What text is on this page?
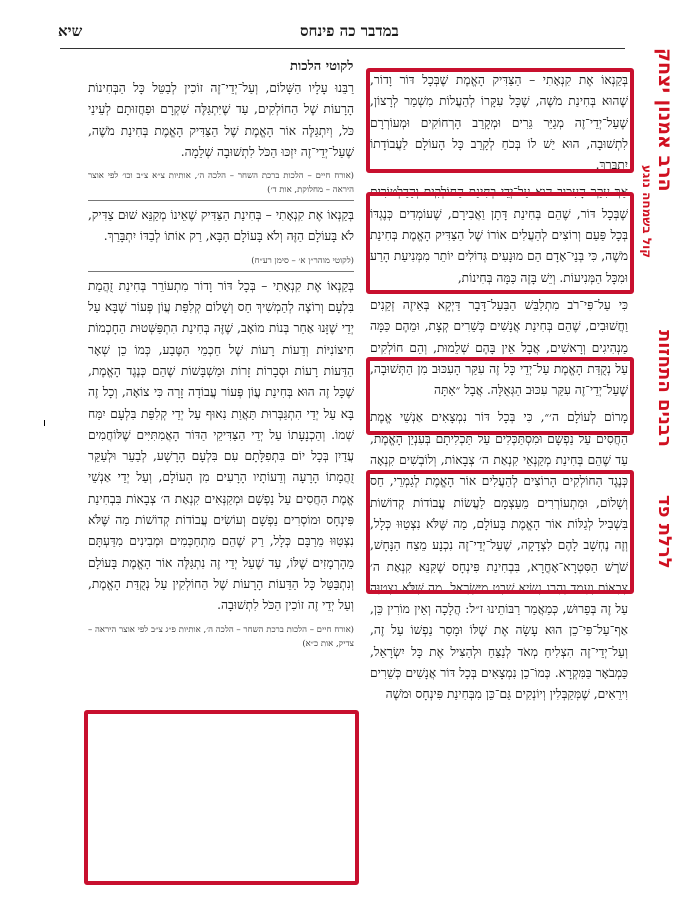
שיא	במדבר כה פינחס
לקוטי הלכות

בְּקַנְאוֹ אֶת קִנְאָתִי – הַצַּדִּיק הָאֱמֶת שֶׁבְּכָל דּוֹר וָדוֹר, שֶׁהוּא בְּחִינַת מֹשֶׁה, שֶׁכָּל עִקָּרוֹ לְהַעֲלוֹת מִשְׁמַר לְרָצוֹן, שֶׁעַל־יְדֵי־זֶה מְגַיֵּר גֵּרִים וּמְקָרֵב הָרְחוֹקִים וּמְעוֹרְרָם לִתְשׁוּבָה, הוּא יֵשׁ לוֹ בְּכֹחַ לְקָרֵב כָּל הָעוֹלָם לַעֲבוֹדָתוֹ יִתְבָּרַךְ.

אַךְ עִקַּר הָעִכּוּב הוּא עַל־יְדֵי בְּחִינַת הַחוֹלְקִים וְהַדַּלְטוֹרִים שֶׁבְּכָל דּוֹר, שֶׁהֵם בְּחִינַת דָּתָן וַאֲבִירָם, שֶׁעוֹמְדִים כְּנֶגְדּוֹ בְּכָל פַּעַם וְרוֹצִים לְהַעֲלִים אוֹרוֹ שֶׁל הַצַּדִּיק הָאֱמֶת בְּחִינַת מֹשֶׁה, כִּי בְּנֵי־אָדָם הֵם מוּנָעִים גְּדוֹלִים יוֹתֵר מִמְּנִיעַת הָרַע וּמִכָּל הַמְּנִיעוֹת. וְיֵשׁ בָּזֶה כַּמָּה בְּחִינוֹת,

כִּי עַל־פִּי־רֹב מִתְלַבֵּשׁ הַבַּעַל־דָּבָר דַּיְקָא בְּאֵיזֶה זְקֵנִים וַחֲשׁוּבִים, שֶׁהֵם בְּחִינַת אֲנָשִׁים כְּשֵׁרִים קְצָת, וּמֵהֶם כַּמָּה מַנְהִיגִים וְרָאשִׁים, אֲבָל אֵין בָּהֶם שְׁלֵמוּת, וְהֵם חוֹלְקִים עַל נְקֻדַּת הָאֱמֶת עַל־יְדֵי כָּל זֶה עִקַּר הָעִכּוּב מִן הַתְּשׁוּבָה, שֶׁעַל־יְדֵי־זֶה עִקַּר עִכּוּב הַגְּאֻלָּה. אֲבָל ״אַתָּה

מָרוֹם לְעוֹלָם ה׳״, כִּי בְּכָל דּוֹר נִמְצָאִים אַנְשֵׁי אֱמֶת הַחֲסִים עַל נַפְשָׁם וּמִסְתַּכְּלִים עַל תַּכְלִיתָם בְּעִנְיַן הָאֱמֶת, עַד שֶׁהֵם בְּחִינַת מְקַנְאֵי קִנְאַת ה׳ צְבָאוֹת, וְלוֹבְשִׁים קִנְאָה כְּנֶגֶד הַחוֹלְקִים הָרוֹצִים לְהַעֲלִים אוֹר הָאֱמֶת לְגַמְרֵי, חַס וְשָׁלוֹם, וּמִתְעוֹרְרִים מֵעַצְמָם לַעֲשׂוֹת עֲבוֹדוֹת קְדוֹשׁוֹת בִּשְׁבִיל לְגַלּוֹת אוֹר הָאֱמֶת בָּעוֹלָם, מַה שֶּׁלֹּא נִצְטַוּוּ כְּלָל, וְזֶה נֶחְשָׁב לָהֶם לִצְדָקָה, שֶׁעַל־יְדֵי־זֶה נִכְנָע מֵצַח הַנָּחָשׁ, שֹׁרֶשׁ הַסִּטְרָא־אָחֳרָא, בִּבְחִינַת פִּינְחָס שֶׁקִּנֵּא קִנְאַת ה׳ צְבָאוֹת וְעָמַד וְהָרַג נְשִׂיא שֵׁבֶט מִיִּשְׂרָאֵל, מַה שֶּׁלֹּא נִצְטַוָּה עַל זֶה בְּפֵרוּשׁ, כְּמַאֲמַר רַבּוֹתֵינוּ ז״ל: הֲלָכָה וְאֵין מוֹרִין כֵּן, אַף־עַל־פִּי־כֵן הוּא עָשָׂה אֶת שֶׁלּוֹ וּמָסַר נַפְשׁוֹ עַל זֶה, וְעַל־יְדֵי־זֶה הִצְלִיחַ מְאֹד לְנַצֵּחַ וּלְהַצִּיל אֶת כָּל יִשְׂרָאֵל, כַּמְבֹאָר בַּמִּקְרָא. כְּמוֹ־כֵן נִמְצָאִים בְּכָל דּוֹר אֲנָשִׁים כְּשֵׁרִים וִירֵאִים, שֶׁמְּקַבְּלִין וְיוֹנְקִים גַּם־כֵּן מִבְּחִינַת פִּינְחָס וּמֹשֶׁה

רַבֵּנוּ עָלָיו הַשָּׁלוֹם, וְעַל־יְדֵי־זֶה זוֹכִין לְבַטֵּל כָּל הַבְּחִינוֹת הָרָעוֹת שֶׁל הַחוֹלְקִים, עַד שֶׁיִּתְגַּלֶּה שִׁקְרָם וּפַחֲזוּתָם לְעֵינֵי כֹּל, וְיִתְגַּלֶּה אוֹר הָאֱמֶת שֶׁל הַצַּדִּיק הָאֱמֶת בְּחִינַת מֹשֶׁה, שֶׁעַל־יְדֵי־זֶה יִזְכּוּ הַכֹּל לִתְשׁוּבָה שְׁלֵמָה.

(אורח חיים – הלכות ברכת השחר – הלכה ה׳, אותיות צ״א צ״ב וכו׳ לפי אוצר היראה – מחלוקת, אות ד׳)

בְּקַנְאוֹ אֶת קִנְאָתִי – בְּחִינַת הַצַּדִּיק שֶׁאֵינוֹ מְקַנֵּא שׁוּם צַדִּיק, לֹא בָּעוֹלָם הַזֶּה וְלֹא בָּעוֹלָם הַבָּא, רַק אוֹתוֹ לְבַדּוֹ יִתְבָּרַךְ.

(לקוטי מוהר״ן א׳ – סימן רע״ח)

בְּקַנְאוֹ אֶת קִנְאָתִי – בְּכָל דּוֹר וָדוֹר מִתְעוֹרֵר בְּחִינַת זֻהֲמַת בִּלְעָם וְרוֹצֶה לְהַמְשִׁיךְ חַס וְשָׁלוֹם קְלִפַּת עֲוֹן פְּעוֹר שֶׁבָּא עַל יְדֵי שֶׁזָּנוּ אַחַר בְּנוֹת מוֹאָב, שֶׁזֶּה בְּחִינַת הִתְפַּשְּׁטוּת הַחָכְמוֹת חִיצוֹנִיּוֹת וְדֵעוֹת רָעוֹת שֶׁל חַכְמֵי הַטֶּבַע, כְּמוֹ כֵן שְׁאָר הַדֵּעוֹת רָעוֹת וּסְבָרוֹת זָרוֹת וּמַשְׁבָּשׁוֹת שֶׁהֵם כְּנֶגֶד הָאֱמֶת, שֶׁכָּל זֶה הוּא בְּחִינַת עֲוֹן פְּעוֹר עֲבוֹדָה זָרָה כִּי צוֹאָה, וְכָל זֶה בָּא עַל יְדֵי הִתְגַּבְּרוּת תַּאֲוַת נִאוּף עַל יְדֵי קְלִפַּת בִּלְעָם יִמַּח שְׁמוֹ. וְהַכְנָעָתוֹ עַל יְדֵי הַצַּדִּיקֵי הַדּוֹר הָאֲמִתִּיִּים שֶׁלּוֹחֲמִים עֲדַיִן בְּכָל יוֹם בִּתְפִלָּתָם עִם בִּלְעָם הָרָשָׁע, לְבַעֵר וּלְעַקֵּר זֻהֲמָתוֹ הָרָעָה וְדֵעוֹתָיו הָרָעִים מִן הָעוֹלָם, וְעַל יְדֵי אַנְשֵׁי אֱמֶת הַחֲסִים עַל נַפְשָׁם וּמְקַנְּאִים קִנְאַת ה׳ צְבָאוֹת בִּבְחִינַת פִּינְחָס וּמוֹסְרִים נַפְשָׁם וְעוֹשִׂים עֲבוֹדוֹת קְדוֹשׁוֹת מַה שֶּׁלֹּא נִצְטַוּוּ מֵרַבָּם כְּלָל, רַק שֶׁהֵם מִתְחַכְּמִים וּמְבִינִים מִדַּעְתָּם מֵהָרְמָזִים שֶׁלּוֹ, עַד שֶׁעַל יְדֵי זֶה נִתְגַּלֶּה אוֹר הָאֱמֶת בָּעוֹלָם וְנִתְבַּטֵּל כָּל הַדֵּעוֹת הָרָעוֹת שֶׁל הַחוֹלְקִין עַל נְקֻדַּת הָאֱמֶת, וְעַל יְדֵי זֶה זוֹכִין הַכֹּל לִתְשׁוּבָה.

(אורח חיים – הלכות ברכת השחר – הלכה ה׳, אותיות פ״ג צ״ב לפי אוצר היראה – צדיק, אות כ״א)
הרב אמנון יצחק
קול בשמחה נוגע
רבנים התחזות
לרלת פד
